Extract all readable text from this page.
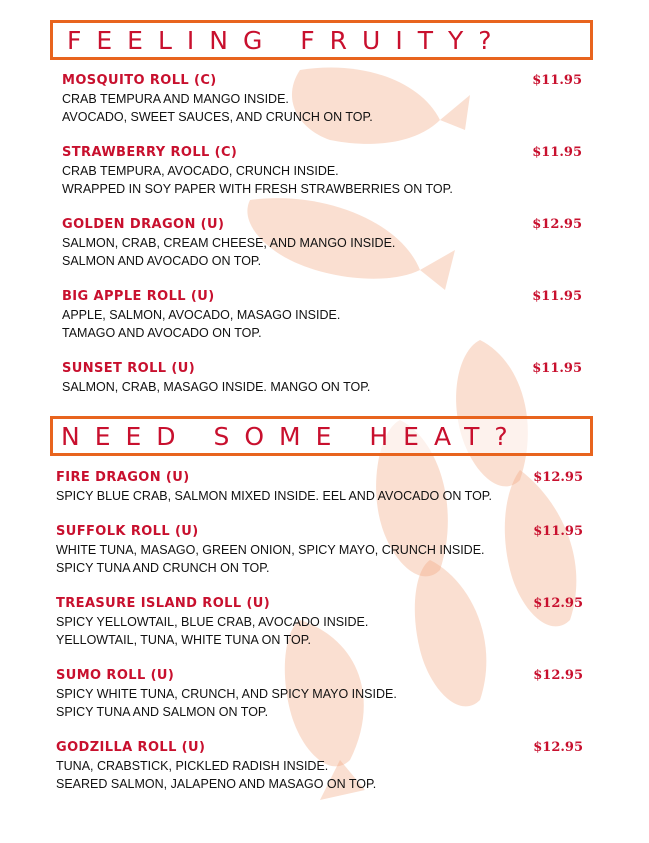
FEELING FRUITY?
MOSQUITO ROLL (C)	$11.95
CRAB TEMPURA AND MANGO INSIDE.
AVOCADO, SWEET SAUCES, AND CRUNCH ON TOP.
STRAWBERRY ROLL (C)	$11.95
CRAB TEMPURA, AVOCADO, CRUNCH INSIDE.
WRAPPED IN SOY PAPER WITH FRESH STRAWBERRIES ON TOP.
GOLDEN DRAGON (U)	$12.95
SALMON, CRAB, CREAM CHEESE, AND MANGO INSIDE.
SALMON AND AVOCADO ON TOP.
BIG APPLE ROLL (U)	$11.95
APPLE, SALMON, AVOCADO, MASAGO INSIDE.
TAMAGO AND AVOCADO ON TOP.
SUNSET ROLL (U)	$11.95
SALMON, CRAB, MASAGO INSIDE. MANGO ON TOP.
NEED SOME HEAT?
FIRE DRAGON (U)	$12.95
SPICY BLUE CRAB, SALMON MIXED INSIDE. EEL AND AVOCADO ON TOP.
SUFFOLK ROLL (U)	$11.95
WHITE TUNA, MASAGO, GREEN ONION, SPICY MAYO, CRUNCH INSIDE.
SPICY TUNA AND CRUNCH ON TOP.
TREASURE ISLAND ROLL (U)	$12.95
SPICY YELLOWTAIL, BLUE CRAB, AVOCADO INSIDE.
YELLOWTAIL, TUNA, WHITE TUNA ON TOP.
SUMO ROLL (U)	$12.95
SPICY WHITE TUNA, CRUNCH, AND SPICY MAYO INSIDE.
SPICY TUNA AND SALMON ON TOP.
GODZILLA ROLL (U)	$12.95
TUNA, CRABSTICK, PICKLED RADISH INSIDE.
SEARED SALMON, JALAPENO AND MASAGO ON TOP.
